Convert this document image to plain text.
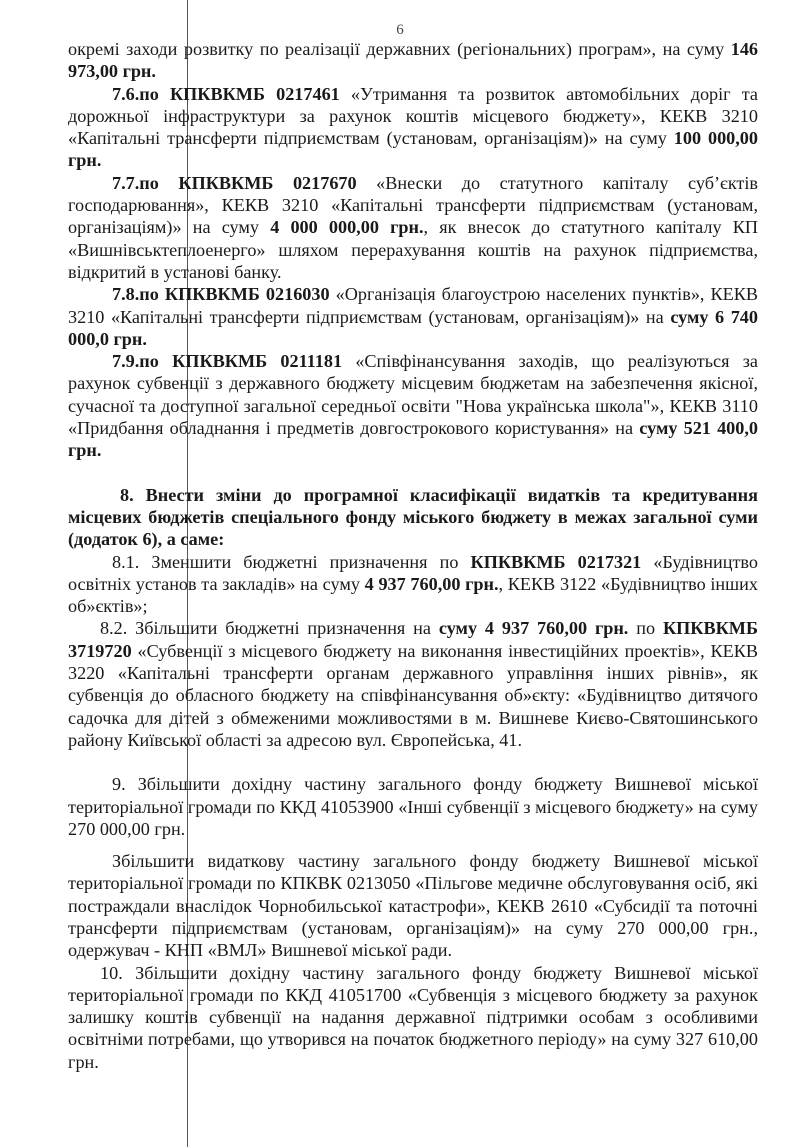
6

окремі заходи розвитку по реалізації державних (регіональних) програм», на суму 146 973,00 грн.

7.6.по КПКВКМБ 0217461 «Утримання та розвиток автомобільних доріг та дорожньої інфраструктури за рахунок коштів місцевого бюджету», КЕКВ 3210 «Капітальні трансферти підприємствам (установам, організаціям)» на суму 100 000,00 грн.

7.7.по КПКВКМБ 0217670 «Внески до статутного капіталу суб’єктів господарювання», КЕКВ 3210 «Капітальні трансферти підприємствам (установам, організаціям)» на суму 4 000 000,00 грн., як внесок до статутного капіталу КП «Вишнівськтеплоенерго» шляхом перерахування коштів на рахунок підприємства, відкритий в установі банку.

7.8.по КПКВКМБ 0216030 «Організація благоустрою населених пунктів», КЕКВ 3210 «Капітальні трансферти підприємствам (установам, організаціям)» на суму 6 740 000,0 грн.

7.9.по КПКВКМБ 0211181 «Співфінансування заходів, що реалізуються за рахунок субвенції з державного бюджету місцевим бюджетам на забезпечення якісної, сучасної та доступної загальної середньої освіти "Нова українська школа"», КЕКВ 3110 «Придбання обладнання і предметів довгострокового користування» на суму 521 400,0 грн.

8. Внести зміни до програмної класифікації видатків та кредитування місцевих бюджетів спеціального фонду міського бюджету в межах загальної суми (додаток 6), а саме:

8.1. Зменшити бюджетні призначення по КПКВКМБ 0217321 «Будівництво освітніх установ та закладів» на суму 4 937 760,00 грн., КЕКВ 3122 «Будівництво інших об»єктів»;

8.2. Збільшити бюджетні призначення на суму 4 937 760,00 грн. по КПКВКМБ 3719720 «Субвенції з місцевого бюджету на виконання інвестиційних проектів», КЕКВ 3220 «Капітальні трансферти органам державного управління інших рівнів», як субвенція до обласного бюджету на співфінансування об»єкту: «Будівництво дитячого садочка для дітей з обмеженими можливостями в м. Вишневе Києво-Святошинського району Київської області за адресою вул. Європейська, 41.

9. Збільшити дохідну частину загального фонду бюджету Вишневої міської територіальної громади по ККД 41053900 «Інші субвенції з місцевого бюджету» на суму 270 000,00 грн.

Збільшити видаткову частину загального фонду бюджету Вишневої міської територіальної громади по КПКВК 0213050 «Пільгове медичне обслуговування осіб, які постраждали внаслідок Чорнобильської катастрофи», КЕКВ 2610 «Субсидії та поточні трансферти підприємствам (установам, організаціям)» на суму 270 000,00 грн., одержувач - КНП «ВМЛ» Вишневої міської ради.

10. Збільшити дохідну частину загального фонду бюджету Вишневої міської територіальної громади по ККД 41051700 «Субвенція з місцевого бюджету за рахунок залишку коштів субвенції на надання державної підтримки особам з особливими освітніми потребами, що утворився на початок бюджетного періоду» на суму 327 610,00 грн.
